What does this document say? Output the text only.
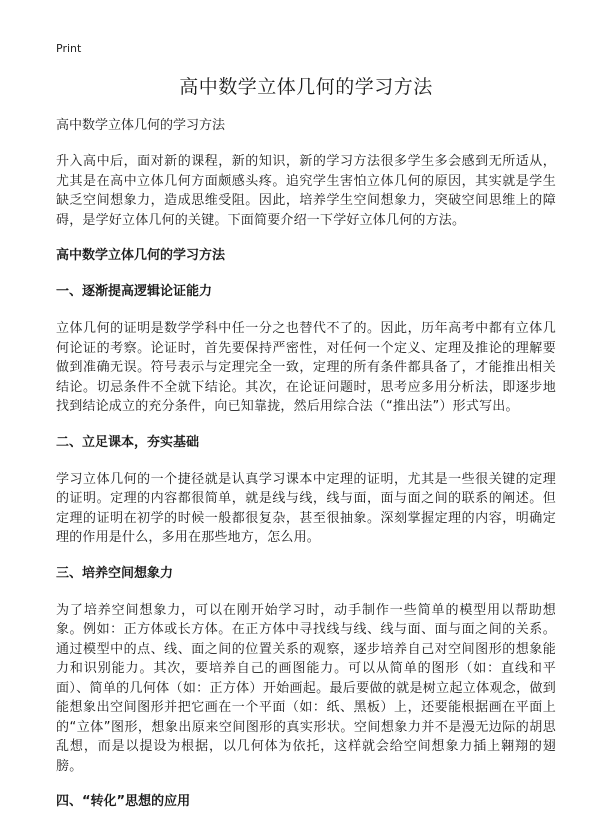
Print
高中数学立体几何的学习方法
高中数学立体几何的学习方法

升入高中后，面对新的课程，新的知识，新的学习方法很多学生多会感到无所适从，尤其是在高中立体几何方面颇感头疼。追究学生害怕立体几何的原因，其实就是学生缺乏空间想象力，造成思维受阻。因此，培养学生空间想象力，突破空间思维上的障碍，是学好立体几何的关键。下面简要介绍一下学好立体几何的方法。

高中数学立体几何的学习方法
一、逐渐提高逻辑论证能力

立体几何的证明是数学学科中任一分之也替代不了的。因此，历年高考中都有立体几何论证的考察。论证时，首先要保持严密性，对任何一个定义、定理及推论的理解要做到准确无误。符号表示与定理完全一致，定理的所有条件都具备了，才能推出相关结论。切忌条件不全就下结论。其次，在论证问题时，思考应多用分析法，即逐步地找到结论成立的充分条件，向已知靠拢，然后用综合法（“推出法”）形式写出。

二、立足课本，夯实基础

学习立体几何的一个捷径就是认真学习课本中定理的证明，尤其是一些很关键的定理的证明。定理的内容都很简单，就是线与线，线与面，面与面之间的联系的阐述。但定理的证明在初学的时候一般都很复杂，甚至很抽象。深刻掌握定理的内容，明确定理的作用是什么，多用在那些地方，怎么用。

三、培养空间想象力

为了培养空间想象力，可以在刚开始学习时，动手制作一些简单的模型用以帮助想象。例如：正方体或长方体。在正方体中寻找线与线、线与面、面与面之间的关系。通过模型中的点、线、面之间的位置关系的观察，逐步培养自己对空间图形的想象能力和识别能力。其次，要培养自己的画图能力。可以从简单的图形（如：直线和平面）、简单的几何体（如：正方体）开始画起。最后要做的就是树立起立体观念，做到能想象出空间图形并把它画在一个平面（如：纸、黑板）上，还要能根据画在平面上的“立体”图形，想象出原来空间图形的真实形状。空间想象力并不是漫无边际的胡思乱想，而是以提设为根据，以几何体为依托，这样就会给空间想象力插上翱翔的翅膀。

四、“转化”思想的应用
